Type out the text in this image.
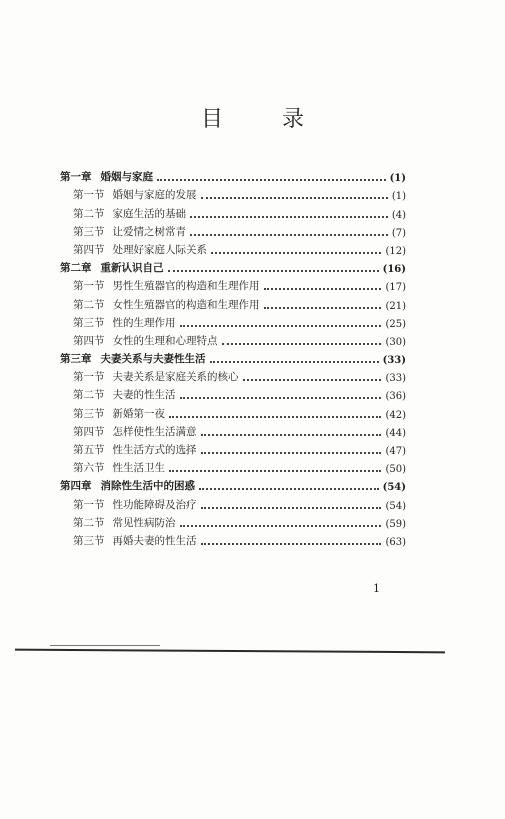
目 录
第一章 婚姻与家庭	(1)
第一节 婚姻与家庭的发展	(1)
第二节 家庭生活的基础	(4)
第三节 让爱情之树常青	(7)
第四节 处理好家庭人际关系	(12)
第二章 重新认识自己	(16)
第一节 男性生殖器官的构造和生理作用	(17)
第二节 女性生殖器官的构造和生理作用	(21)
第三节 性的生理作用	(25)
第四节 女性的生理和心理特点	(30)
第三章 夫妻关系与夫妻性生活	(33)
第一节 夫妻关系是家庭关系的核心	(33)
第二节 夫妻的性生活	(36)
第三节 新婚第一夜	(42)
第四节 怎样使性生活满意	(44)
第五节 性生活方式的选择	(47)
第六节 性生活卫生	(50)
第四章 消除性生活中的困惑	(54)
第一节 性功能障碍及治疗	(54)
第二节 常见性病防治	(59)
第三节 再婚夫妻的性生活	(63)
1
